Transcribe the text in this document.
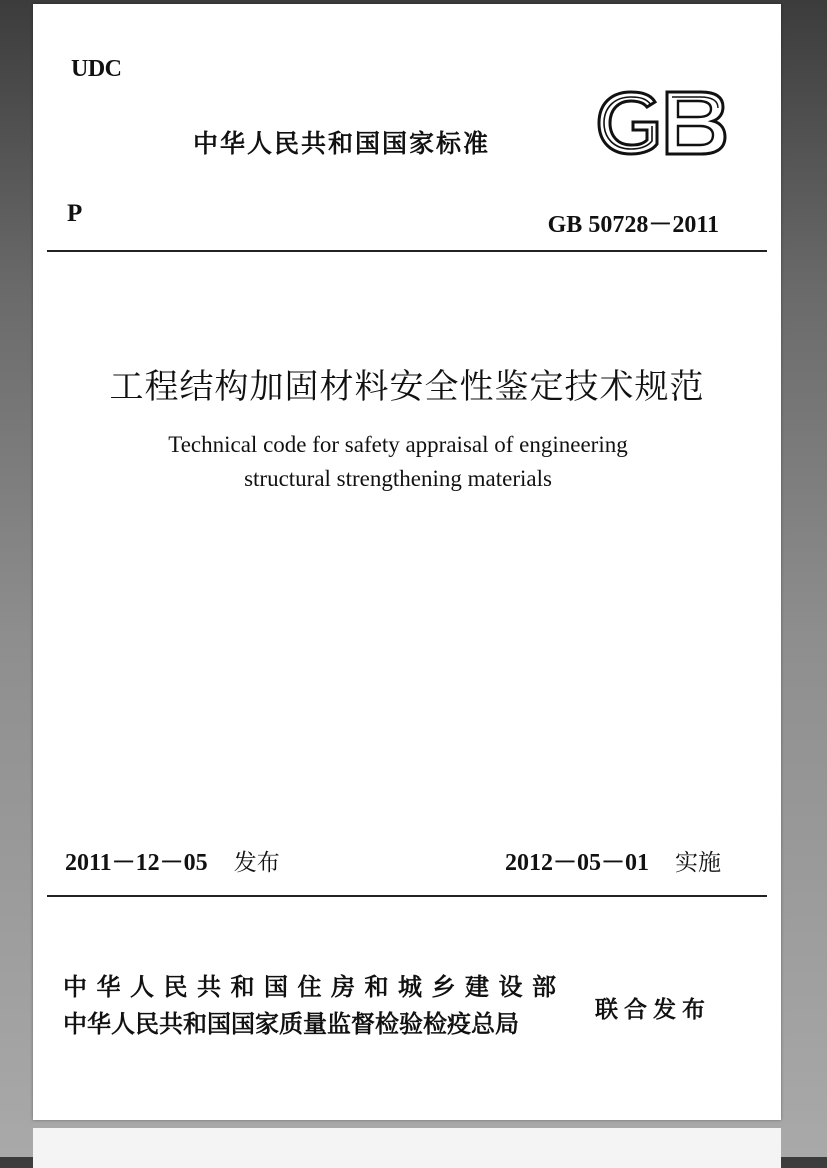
UDC
中华人民共和国国家标准
P	GB 50728－2011
工程结构加固材料安全性鉴定技术规范
Technical code for safety appraisal of engineering
structural strengthening materials
2011－12－05 发布	2012－05－01 实施
中华人民共和国住房和城乡建设部
中华人民共和国国家质量监督检验检疫总局	联合发布
